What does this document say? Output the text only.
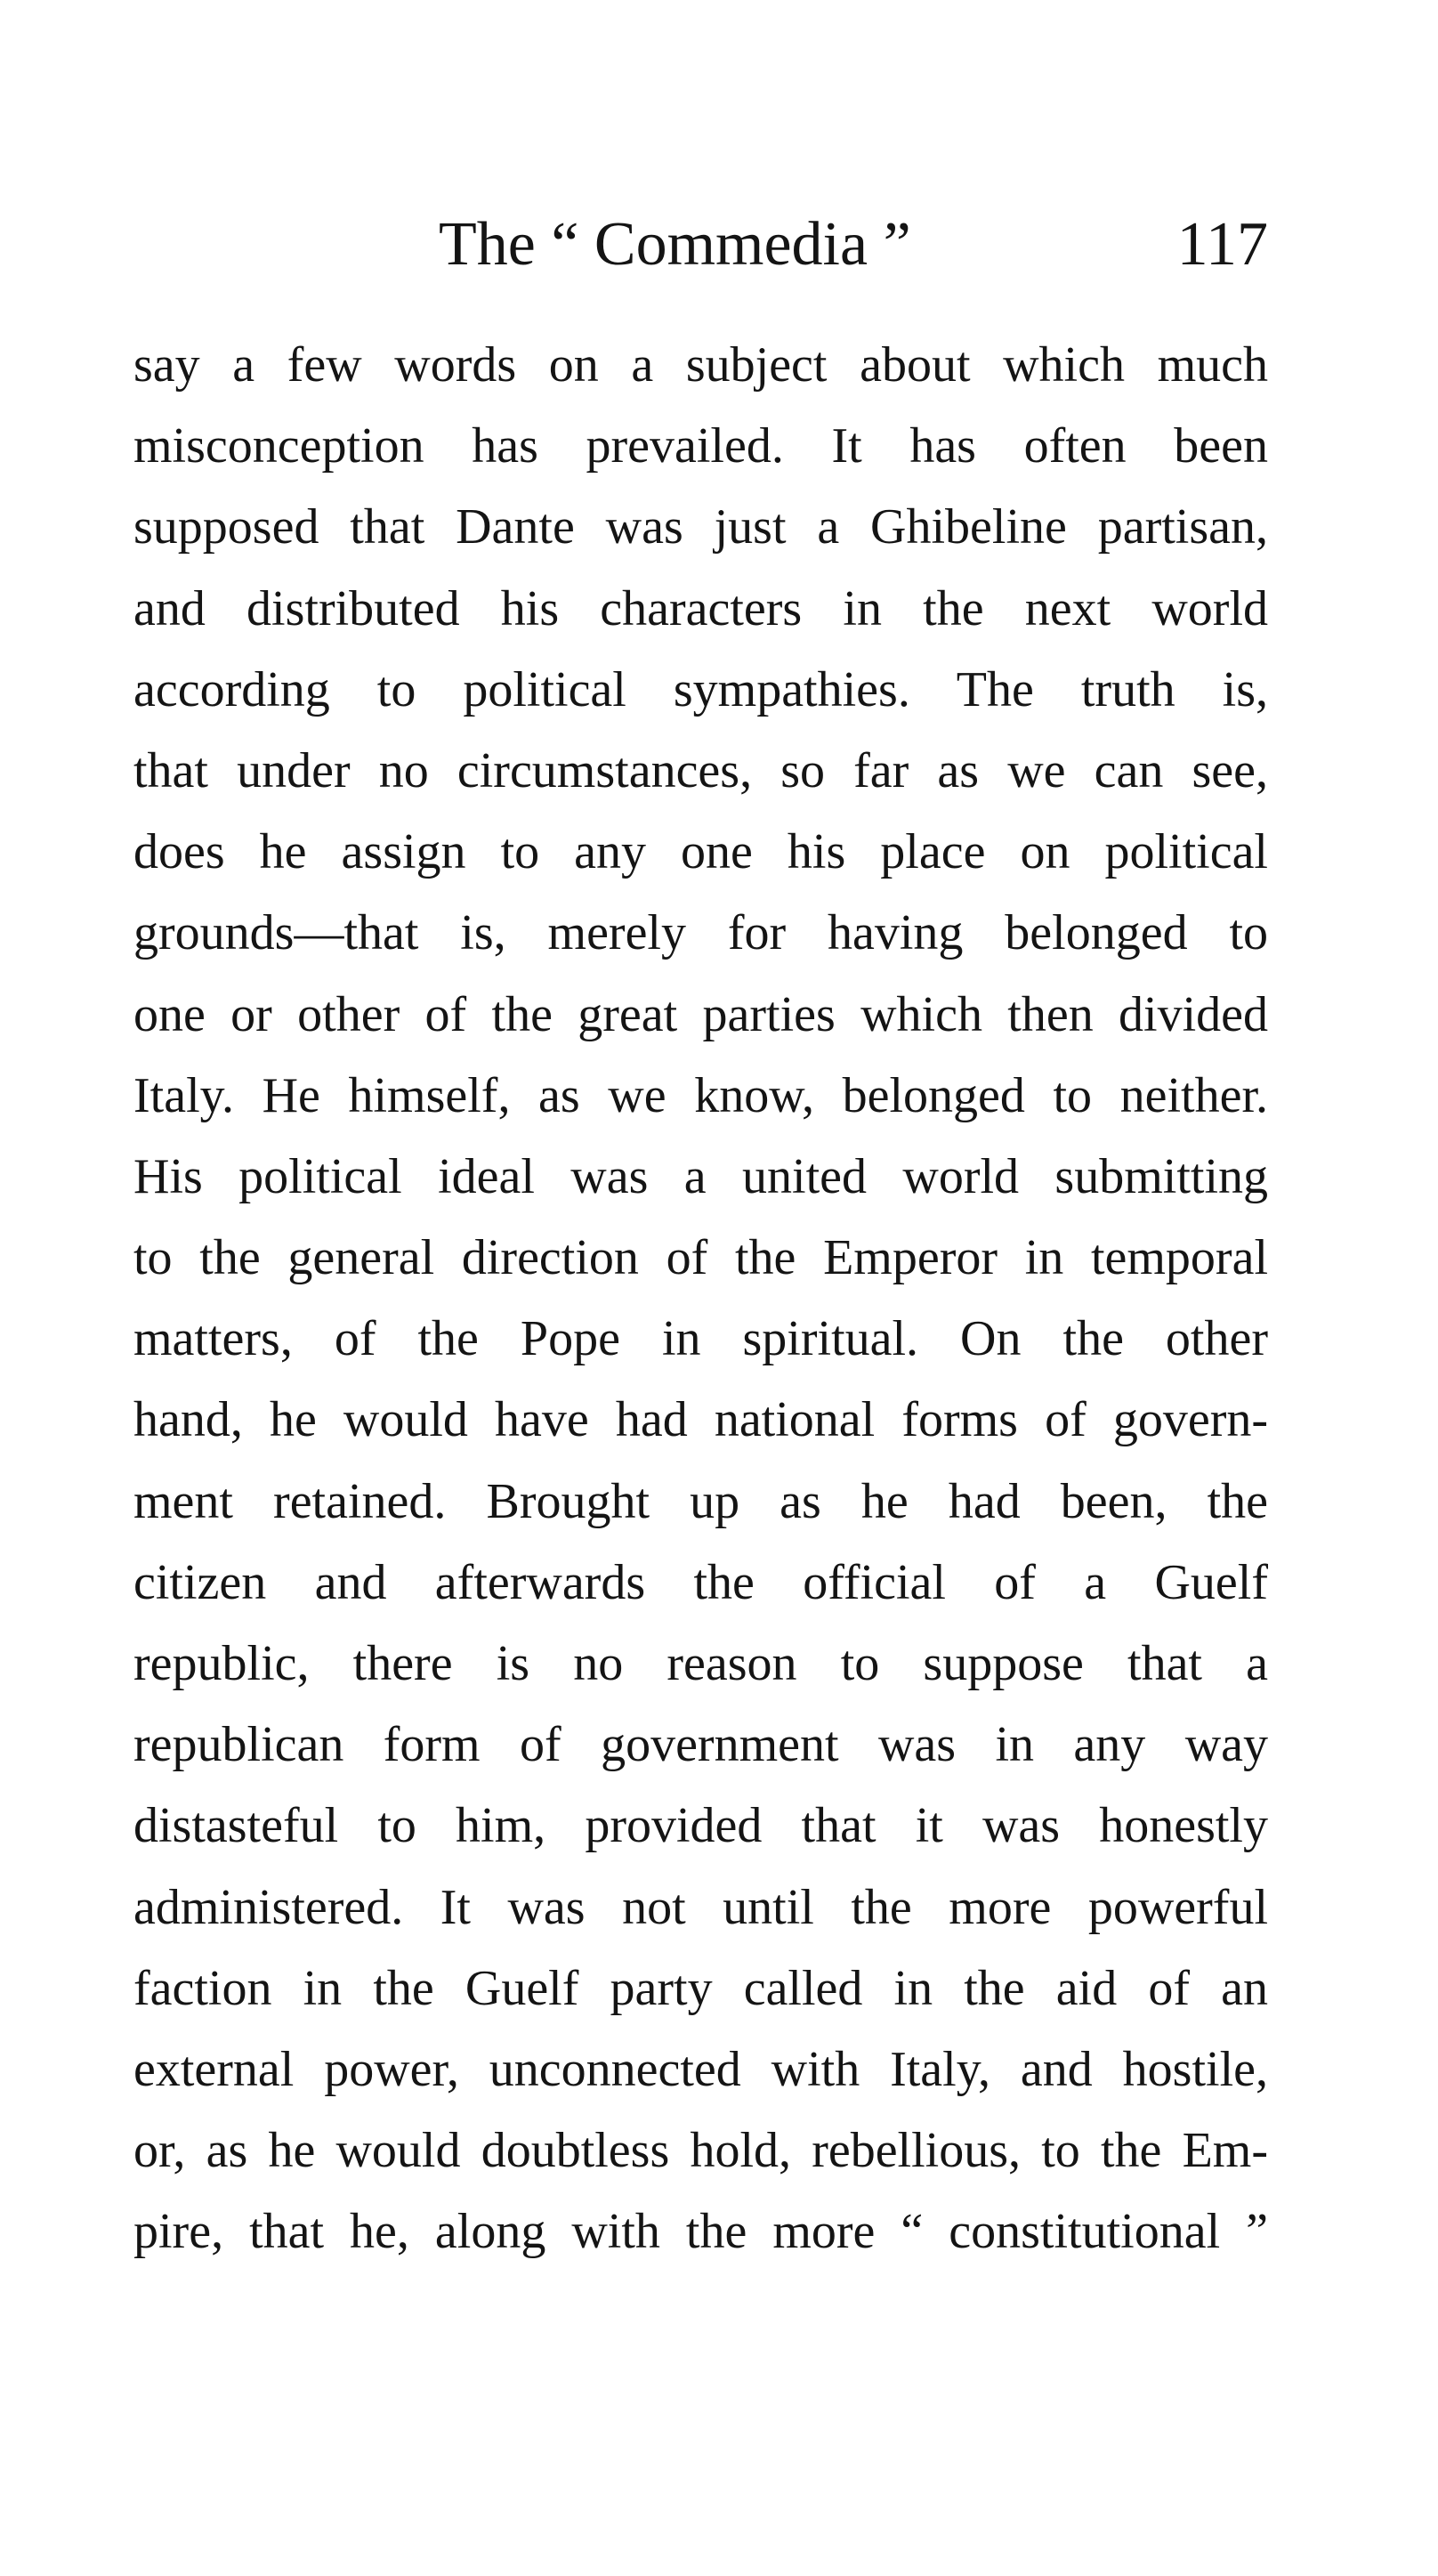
The “ Commedia ”	117
say a few words on a subject about which much
misconception has prevailed. It has often been
supposed that Dante was just a Ghibeline partisan,
and distributed his characters in the next world
according to political sympathies. The truth is,
that under no circumstances, so far as we can see,
does he assign to any one his place on political
grounds—that is, merely for having belonged to
one or other of the great parties which then divided
Italy. He himself, as we know, belonged to neither.
His political ideal was a united world submitting
to the general direction of the Emperor in temporal
matters, of the Pope in spiritual. On the other
hand, he would have had national forms of govern-
ment retained. Brought up as he had been, the
citizen and afterwards the official of a Guelf
republic, there is no reason to suppose that a
republican form of government was in any way
distasteful to him, provided that it was honestly
administered. It was not until the more powerful
faction in the Guelf party called in the aid of an
external power, unconnected with Italy, and hostile,
or, as he would doubtless hold, rebellious, to the Em-
pire, that he, along with the more “ constitutional ”
